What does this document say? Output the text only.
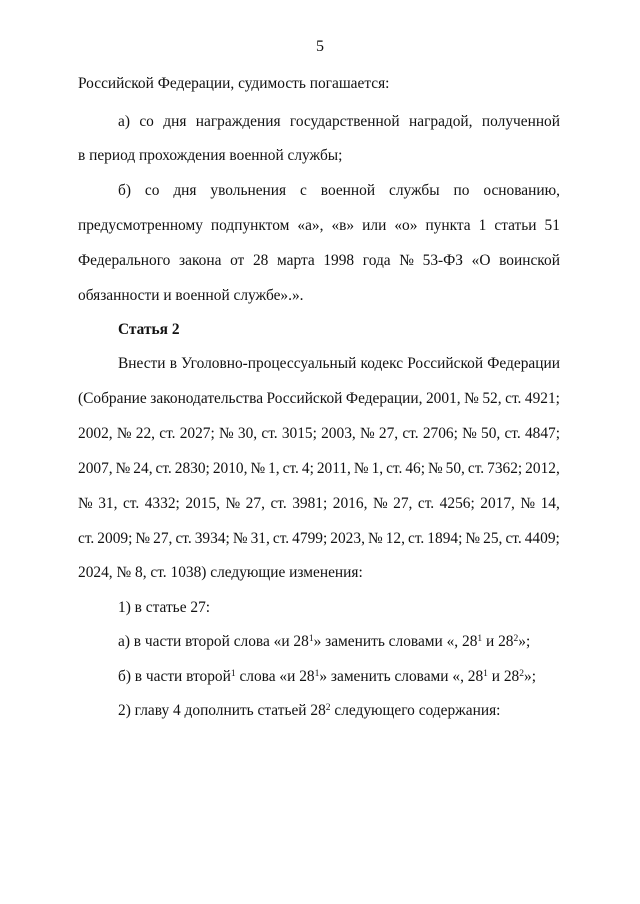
5
Российской Федерации, судимость погашается:
а) со дня награждения государственной наградой, полученной
в период прохождения военной службы;
б) со дня увольнения с военной службы по основанию,
предусмотренному подпунктом «а», «в» или «о» пункта 1 статьи 51
Федерального закона от 28 марта 1998 года № 53-ФЗ «О воинской
обязанности и военной службе».».
Статья 2
Внести в Уголовно-процессуальный кодекс Российской Федерации
(Собрание законодательства Российской Федерации, 2001, № 52, ст. 4921;
2002, № 22, ст. 2027; № 30, ст. 3015; 2003, № 27, ст. 2706; № 50, ст. 4847;
2007, № 24, ст. 2830; 2010, № 1, ст. 4; 2011, № 1, ст. 46; № 50, ст. 7362; 2012,
№ 31, ст. 4332; 2015, № 27, ст. 3981; 2016, № 27, ст. 4256; 2017, № 14,
ст. 2009; № 27, ст. 3934; № 31, ст. 4799; 2023, № 12, ст. 1894; № 25, ст. 4409;
2024, № 8, ст. 1038) следующие изменения:
1) в статье 27:
а) в части второй слова «и $28^1$» заменить словами «, $28^1$ и $28^2$»;
б) в части второй$^1$ слова «и $28^1$» заменить словами «, $28^1$ и $28^2$»;
2) главу 4 дополнить статьей $28^2$ следующего содержания:
